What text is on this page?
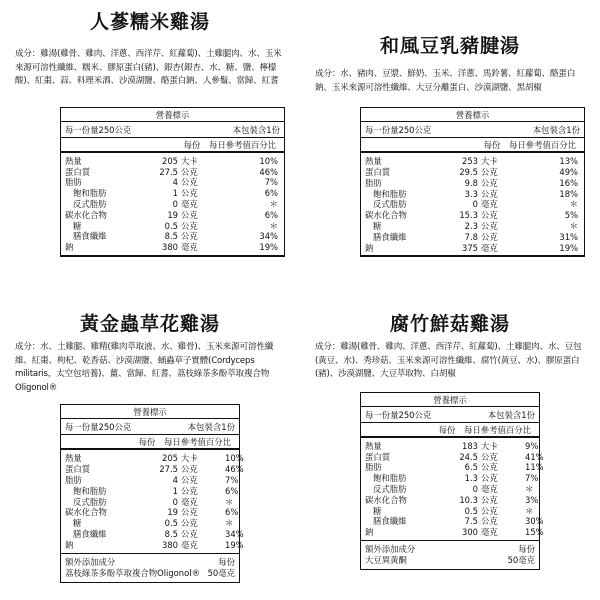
人蔘糯米雞湯
成分：雞湯(雞骨、雞肉、洋蔥、西洋芹、紅蘿蔔)、土雞腿肉、水、玉米來源可溶性纖維、糯米、膠原蛋白(豬)、銀杏(銀杏、水、糖、鹽、檸檬酸)、紅棗、蒜、料理米酒、沙漠湖鹽、酪蛋白鈉、人參鬚、當歸、紅耆
營養標示
每一份量250公克	本包裝含1份
每份 每日參考值百分比
熱量	205 大卡	10%
蛋白質	27.5 公克	46%
脂肪	4 公克	7%
飽和脂肪	1 公克	6%
反式脂肪	0 毫克	＊
碳水化合物	19 公克	6%
糖	0.5 公克	＊
膳食纖維	8.5 公克	34%
鈉	380 毫克	19%
和風豆乳豬腱湯
成分：水、豬肉、豆漿、鮮奶、玉米、洋蔥、馬鈴薯、紅蘿蔔、酪蛋白鈉、玉米來源可溶性纖維、大豆分離蛋白、沙漠湖鹽、黑胡椒
營養標示
每一份量250公克	本包裝含1份
每份 每日參考值百分比
熱量	253 大卡	13%
蛋白質	29.5 公克	49%
脂肪	9.8 公克	16%
飽和脂肪	3.3 公克	18%
反式脂肪	0 毫克	＊
碳水化合物	15.3 公克	5%
糖	2.3 公克	＊
膳食纖維	7.8 公克	31%
鈉	375 毫克	19%
黃金蟲草花雞湯
成分：水、土雞腿、雞精(雞肉萃取液、水、雞骨)、玉米來源可溶性纖維、紅棗、枸杞、乾香菇、沙漠湖鹽、蛹蟲草子實體(Cordyceps militaris，太空包培養)、薑、當歸、紅耆、荔枝綠茶多酚萃取複合物 Oligonol®
營養標示
每一份量250公克	本包裝含1份
每份 每日參考值百分比
熱量	205 大卡	10%
蛋白質	27.5 公克	46%
脂肪	4 公克	7%
飽和脂肪	1 公克	6%
反式脂肪	0 毫克	＊
碳水化合物	19 公克	6%
糖	0.5 公克	＊
膳食纖維	8.5 公克	34%
鈉	380 毫克	19%
額外添加成分	每份
荔枝綠茶多酚萃取複合物Oligonol® 50毫克
腐竹鮮菇雞湯
成分：雞湯(雞骨、雞肉、洋蔥、西洋芹、紅蘿蔔)、土雞腿肉、水、豆包(黃豆、水)、秀珍菇、玉米來源可溶性纖維、腐竹(黃豆、水)、膠原蛋白(豬)、沙漠湖鹽、大豆萃取物、白胡椒
營養標示
每一份量250公克	本包裝含1份
每份 每日參考值百分比
熱量	183 大卡	9%
蛋白質	24.5 公克	41%
脂肪	6.5 公克	11%
飽和脂肪	1.3 公克	7%
反式脂肪	0 毫克	＊
碳水化合物	10.3 公克	3%
糖	0.5 公克	＊
膳食纖維	7.5 公克	30%
鈉	300 毫克	15%
額外添加成分	每份
大豆異黃酮	50毫克
